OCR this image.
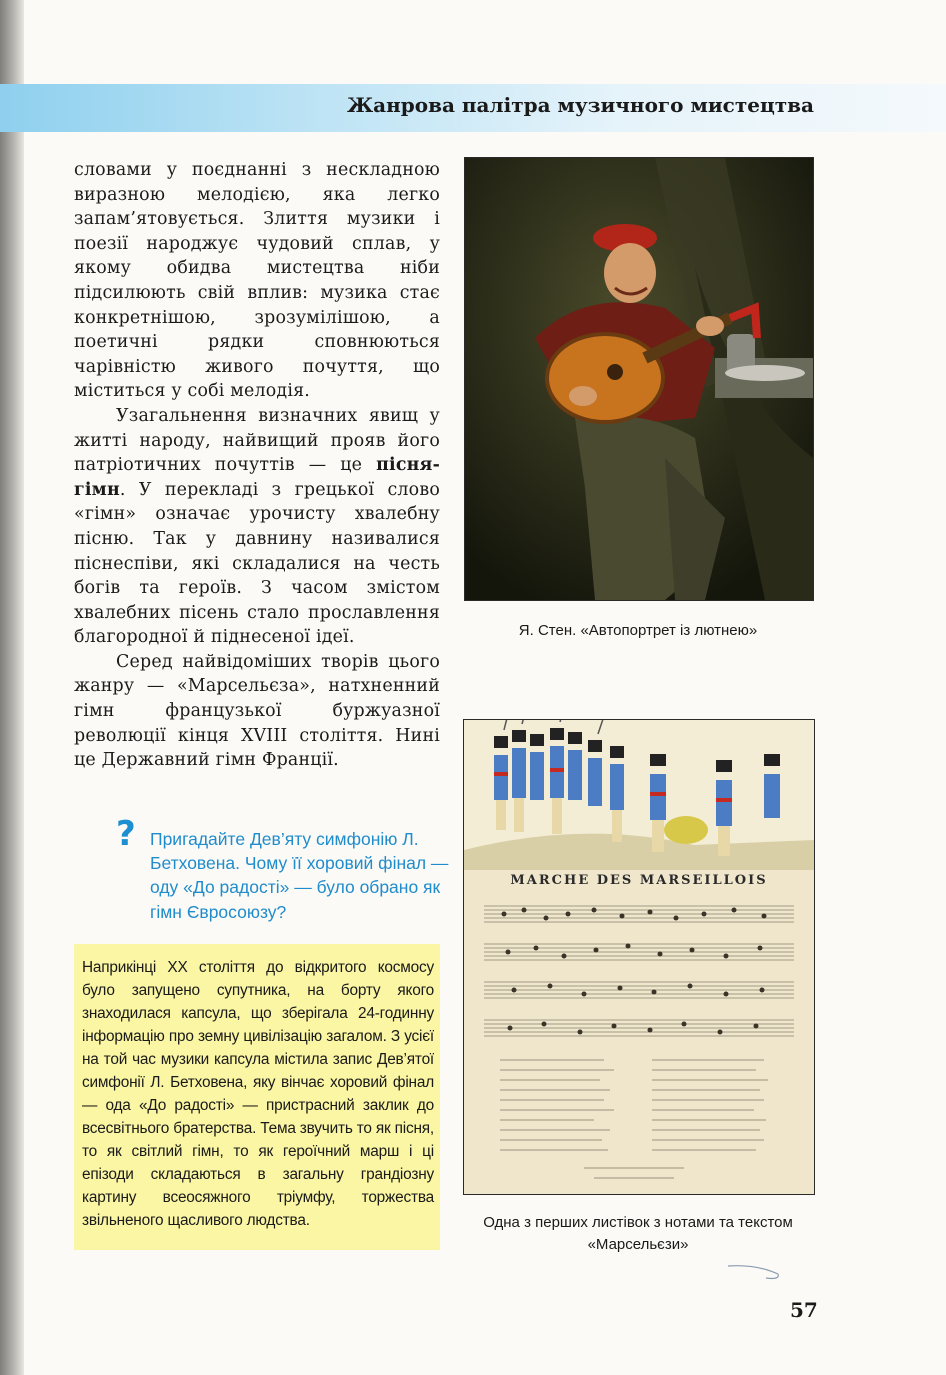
Жанрова палітра музичного мистецтва

словами у поєднанні з нескладною виразною мелодією, яка легко запам’ятовується. Злиття музики і поезії народжує чудовий сплав, у якому обидва мистецтва ніби підсилюють свій вплив: музика стає конкретнішою, зрозумілішою, а поетичні рядки сповнюються чарівністю живого почуття, що міститься у собі мелодія.

Узагальнення визначних явищ у житті народу, найвищий прояв його патріотичних почуттів — це пісня-гімн. У перекладі з грецької слово «гімн» означає урочисту хвалебну пісню. Так у давнину називалися піснеспіви, які складалися на честь богів та героїв. З часом змістом хвалебних пісень стало прославлення благородної й піднесеної ідеї.

Серед найвідоміших творів цього жанру — «Марсельєза», натхненний гімн французької буржуазної революції кінця XVIII століття. Нині це Державний гімн Франції.

? Пригадайте Дев’яту симфонію Л. Бетховена. Чому її хоровий фінал — оду «До радості» — було обрано як гімн Євросоюзу?
Наприкінці XX століття до відкритого космосу було запущено супутника, на борту якого знаходилася капсула, що зберігала 24-годинну інформацію про земну цивілізацію загалом. З усієї на той час музики капсула містила запис Дев’ятої симфонії Л. Бетховена, яку вінчає хоровий фінал — ода «До радості» — пристрасний заклик до всесвітнього братерства. Тема звучить то як пісня, то як світлий гімн, то як героїчний марш і ці епізоди складаються в загальну грандіозну картину всеосяжного тріумфу, торжества звільненого щасливого людства.
Я. Стен. «Автопортрет із лютнею»
MARCHE DES MARSEILLOIS
Одна з перших листівок з нотами та текстом «Марсельєзи»
57
